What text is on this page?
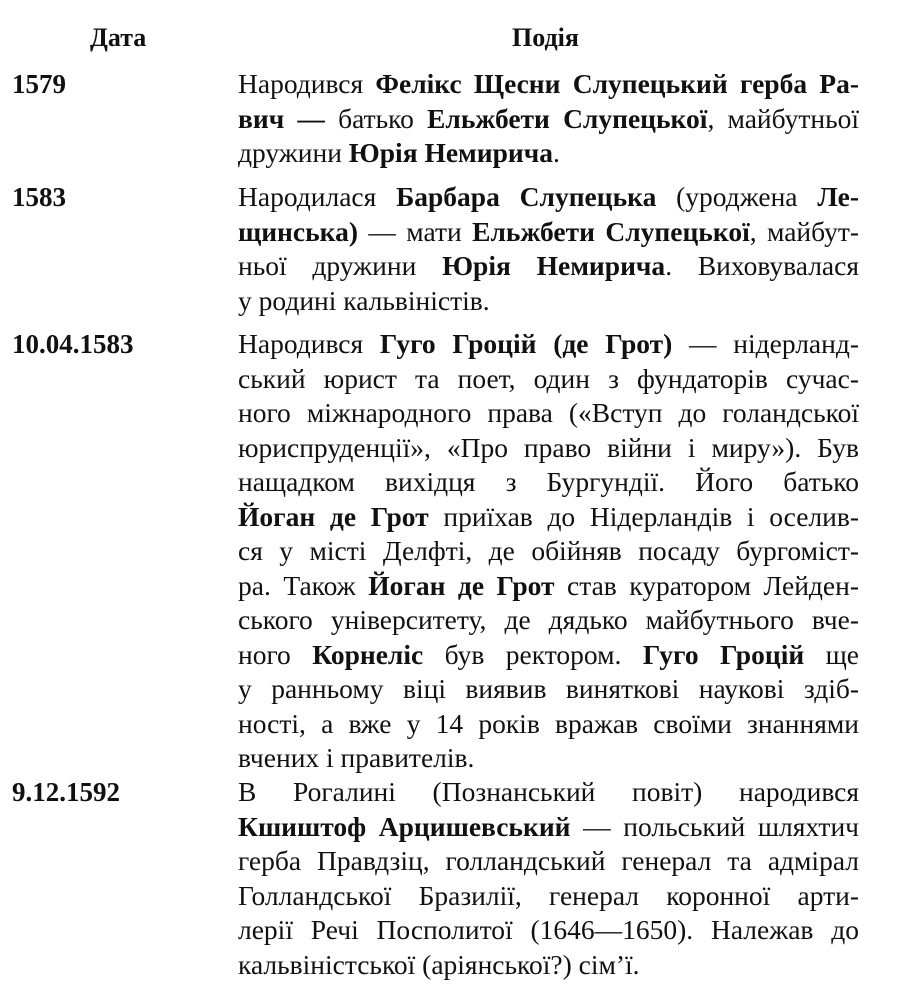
Дата	Подія
1579	Народився Фелікс Щесни Слупецький герба Ра-
вич — батько Ельжбети Слупецької, майбутньої
дружини Юрія Немирича.
1583	Народилася Барбара Слупецька (уроджена Ле-
щинська) — мати Ельжбети Слупецької, майбут-
ньої дружини Юрія Немирича. Виховувалася
у родині кальвіністів.
10.04.1583	Народився Гуго Гроцій (де Грот) — нідерланд-
ський юрист та поет, один з фундаторів сучас-
ного міжнародного права («Вступ до голандської
юриспруденції», «Про право війни і миру»). Був
нащадком вихідця з Бургундії. Його батько
Йоган де Грот приїхав до Нідерландів і оселив-
ся у місті Делфті, де обійняв посаду бургоміст-
ра. Також Йоган де Грот став куратором Лейден-
ського університету, де дядько майбутнього вче-
ного Корнеліс був ректором. Гуго Гроцій ще
у ранньому віці виявив винятковi наукові здіб-
ності, а вже у 14 років вражав своїми знаннями
вчених і правителів.
9.12.1592	В Рогалині (Познанський повіт) народився
Кшиштоф Арцишевський — польський шляхтич
герба Правдзіц, голландський генерал та адмірал
Голландської Бразилії, генерал коронної арти-
лерії Речі Посполитої (1646—1650). Належав до
кальвіністської (аріянської?) сім’ї.
